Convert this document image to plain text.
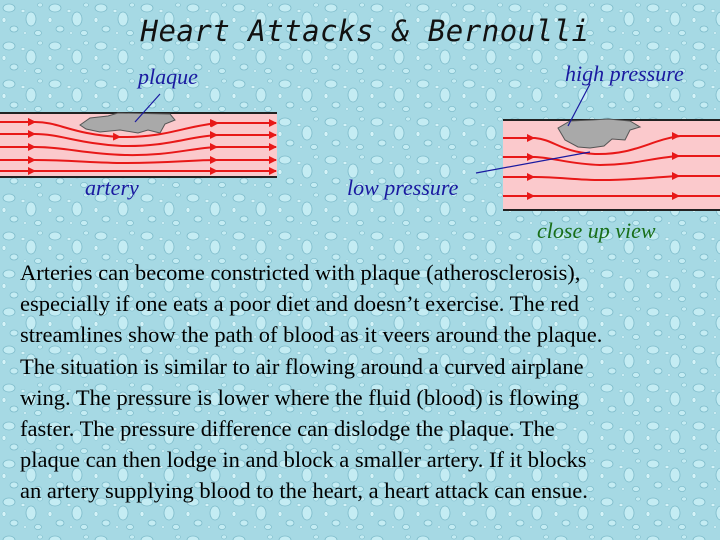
Heart Attacks & Bernoulli
plaque
artery
high pressure
low pressure
close up view
Arteries can become constricted with plaque (atherosclerosis),
especially if one eats a poor diet and doesn’t exercise. The red
streamlines show the path of blood as it veers around the plaque.
The situation is similar to air flowing around a curved airplane
wing. The pressure is lower where the fluid (blood) is flowing
faster. The pressure difference can dislodge the plaque. The
plaque can then lodge in and block a smaller artery. If it blocks
an artery supplying blood to the heart, a heart attack can ensue.
